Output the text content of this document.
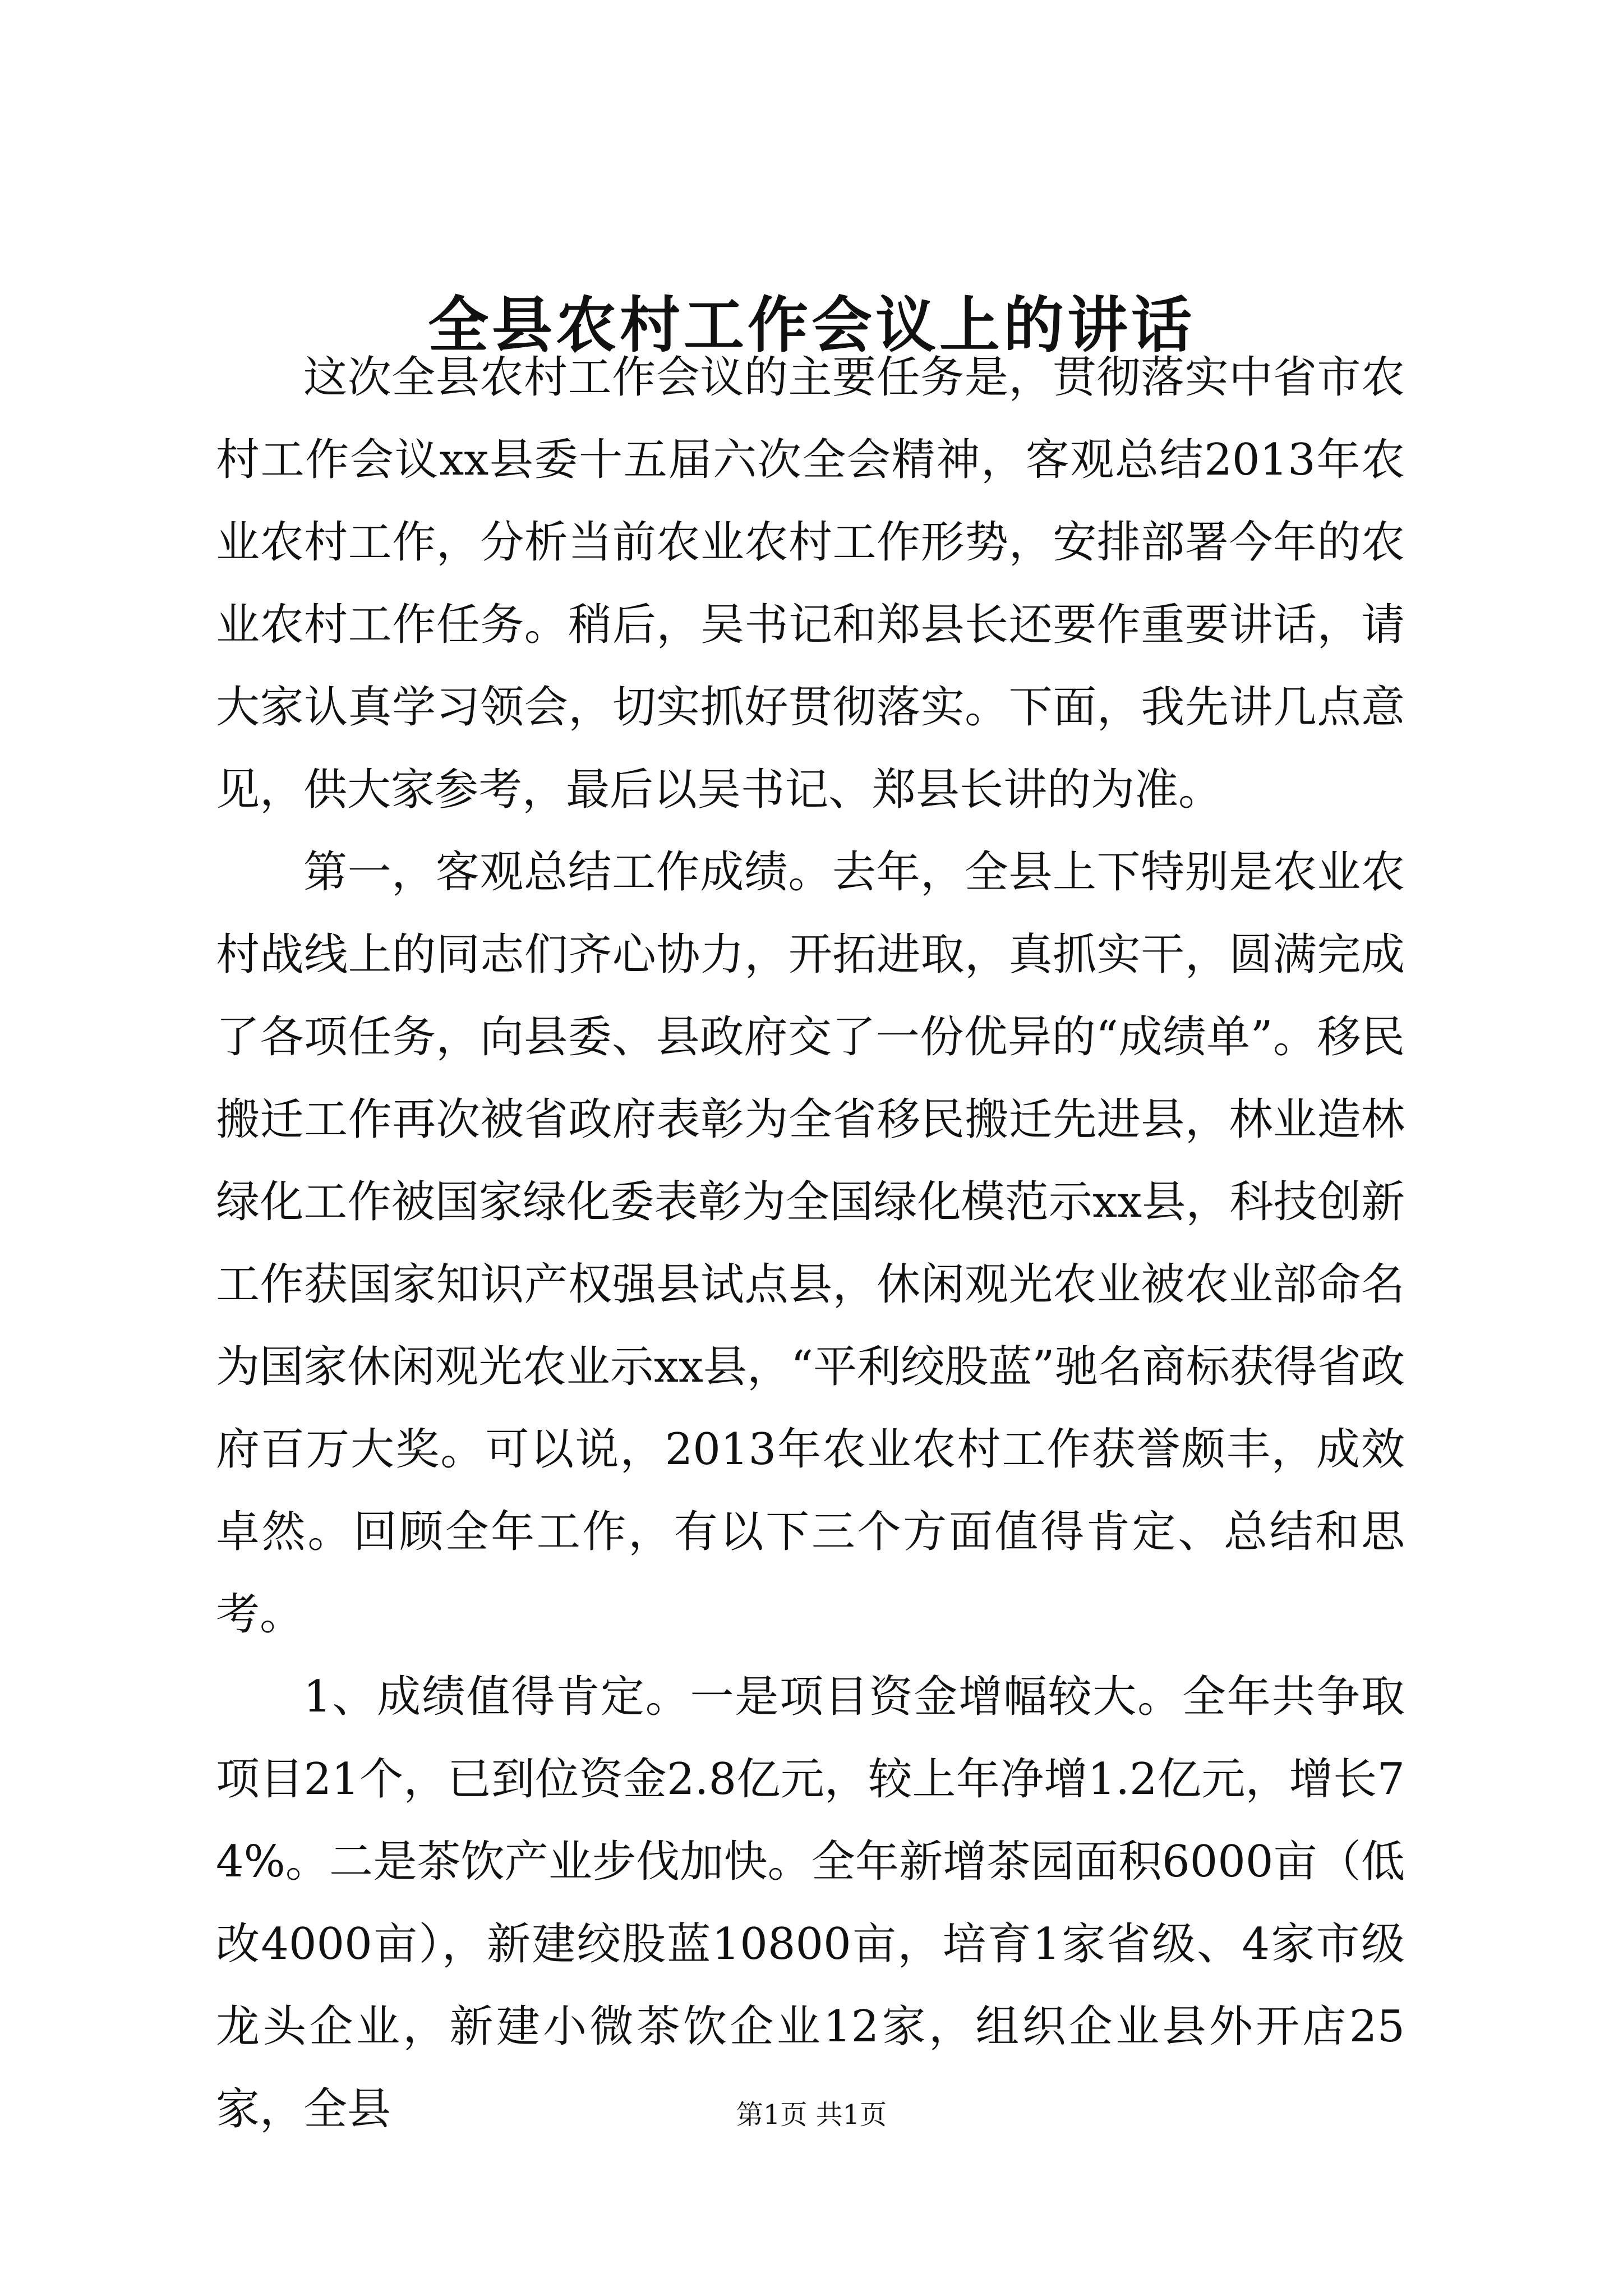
全县农村工作会议上的讲话

这次全县农村工作会议的主要任务是，贯彻落实中省市农村工作会议xx县委十五届六次全会精神，客观总结2013年农业农村工作，分析当前农业农村工作形势，安排部署今年的农业农村工作任务。稍后，吴书记和郑县长还要作重要讲话，请大家认真学习领会，切实抓好贯彻落实。下面，我先讲几点意见，供大家参考，最后以吴书记、郑县长讲的为准。

第一，客观总结工作成绩。去年，全县上下特别是农业农村战线上的同志们齐心协力，开拓进取，真抓实干，圆满完成了各项任务，向县委、县政府交了一份优异的“成绩单”。移民搬迁工作再次被省政府表彰为全省移民搬迁先进县，林业造林绿化工作被国家绿化委表彰为全国绿化模范示xx县，科技创新工作获国家知识产权强县试点县，休闲观光农业被农业部命名为国家休闲观光农业示xx县，“平利绞股蓝”驰名商标获得省政府百万大奖。可以说，2013年农业农村工作获誉颇丰，成效卓然。回顾全年工作，有以下三个方面值得肯定、总结和思考。

1、成绩值得肯定。一是项目资金增幅较大。全年共争取项目21个，已到位资金2.8亿元，较上年净增1.2亿元，增长74%。二是茶饮产业步伐加快。全年新增茶园面积6000亩（低改4000亩），新建绞股蓝10800亩，培育1家省级、4家市级龙头企业，新建小微茶饮企业12家，组织企业县外开店25家，全县	第1页 共1页
